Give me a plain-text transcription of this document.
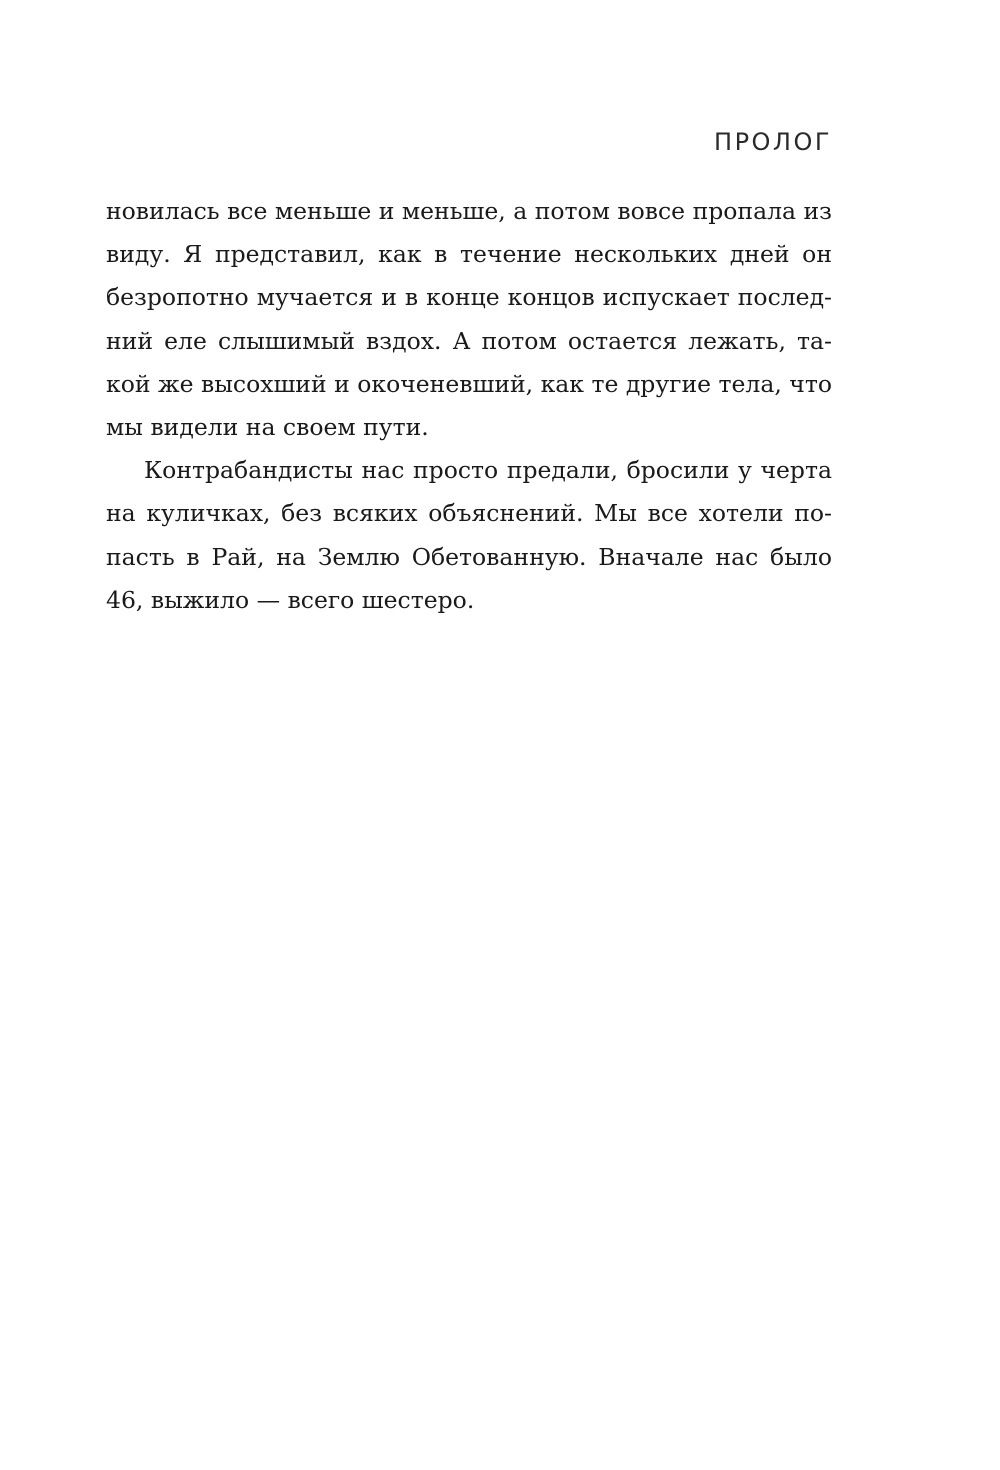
ПРОЛОГ
новилась все меньше и меньше, а потом вовсе пропала из
виду. Я представил, как в течение нескольких дней он
безропотно мучается и в конце концов испускает послед-
ний еле слышимый вздох. А потом остается лежать, та-
кой же высохший и окоченевший, как те другие тела, что
мы видели на своем пути.
Контрабандисты нас просто предали, бросили у черта
на куличках, без всяких объяснений. Мы все хотели по-
пасть в Рай, на Землю Обетованную. Вначале нас было
46, выжило — всего шестеро.
